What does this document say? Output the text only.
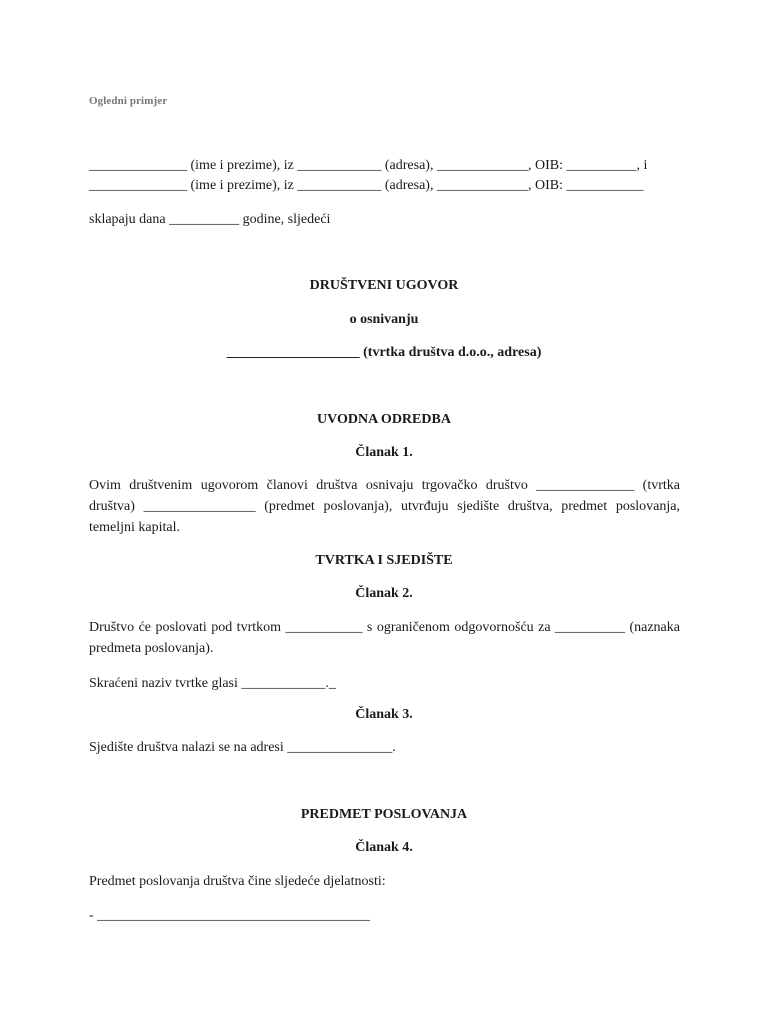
Ogledni primjer
______________ (ime i prezime), iz ____________ (adresa), _____________, OIB: __________, i
______________ (ime i prezime), iz ____________ (adresa), _____________, OIB: ___________
sklapaju dana __________ godine, sljedeći
DRUŠTVENI UGOVOR
o osnivanju
___________________ (tvrtka društva d.o.o., adresa)
UVODNA ODREDBA
Članak 1.
Ovim društvenim ugovorom članovi društva osnivaju trgovačko društvo ______________ (tvrtka društva) ________________ (predmet poslovanja), utvrđuju sjedište društva, predmet poslovanja, temeljni kapital.
TVRTKA I SJEDIŠTE
Članak 2.
Društvo će poslovati pod tvrtkom ___________ s ograničenom odgovornošću za __________ (naznaka predmeta poslovanja).
Skraćeni naziv tvrtke glasi ____________._
Članak 3.
Sjedište društva nalazi se na adresi _______________.
PREDMET POSLOVANJA
Članak 4.
Predmet poslovanja društva čine sljedeće djelatnosti:
- _______________________________________
